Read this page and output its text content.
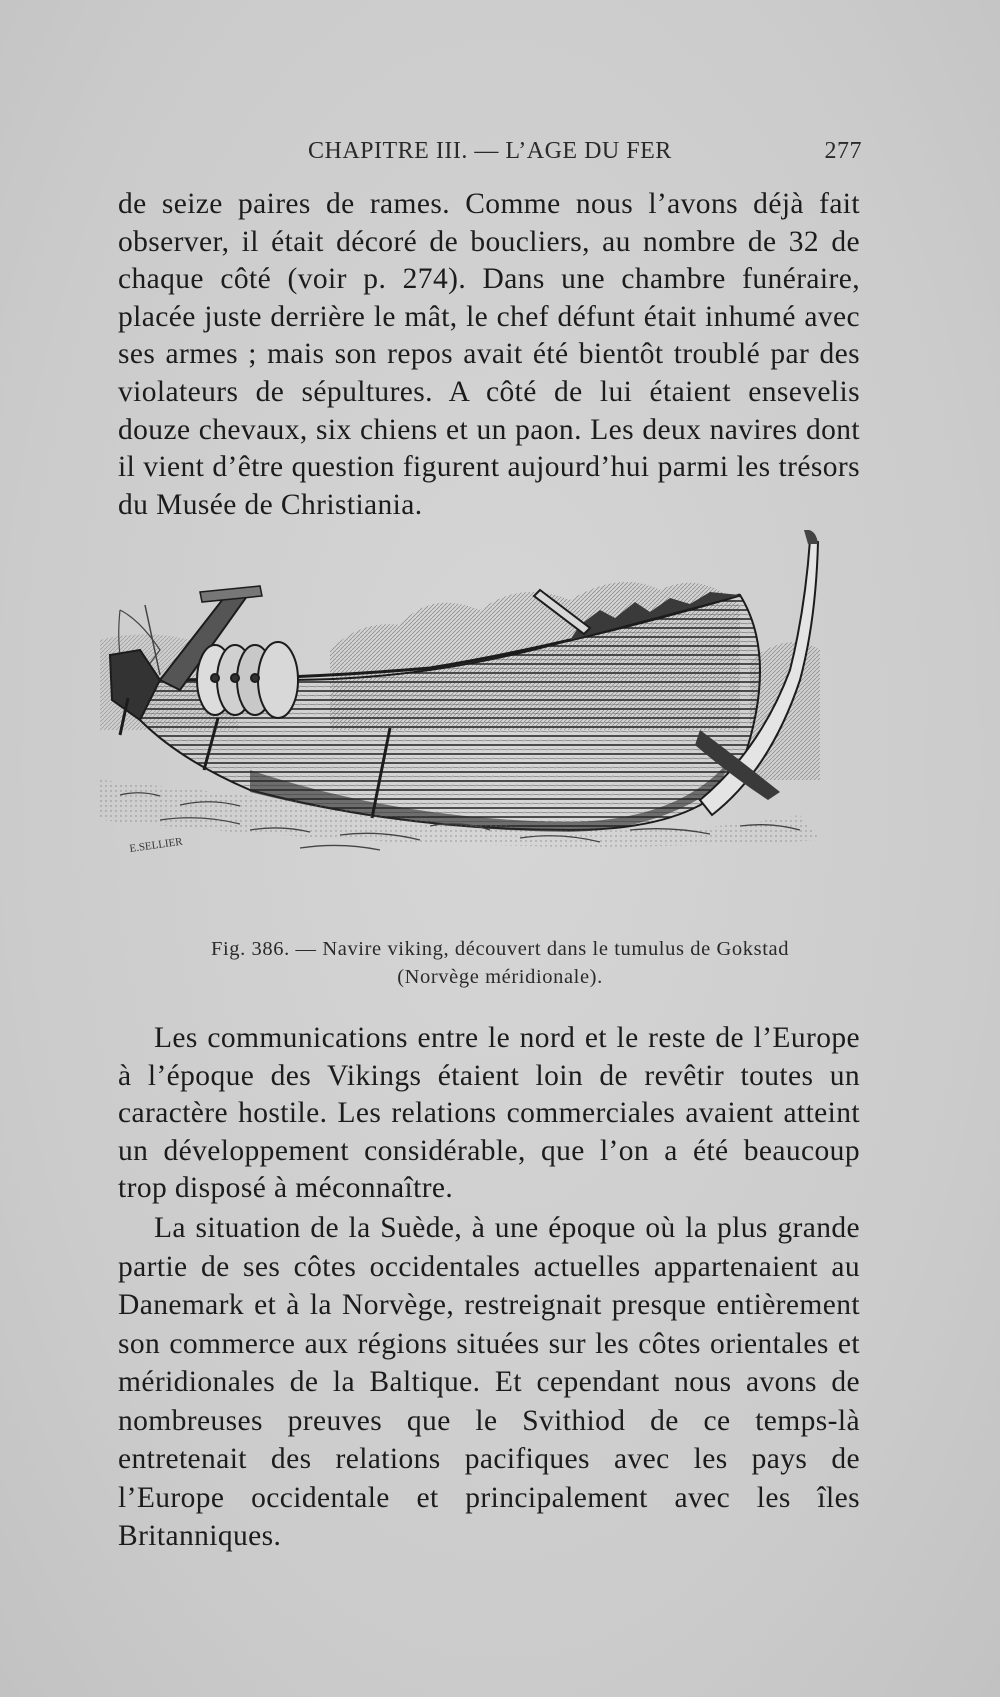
CHAPITRE III. — L’AGE DU FER	277

de seize paires de rames. Comme nous l’avons déjà fait observer, il était décoré de boucliers, au nombre de 32 de chaque côté (voir p. 274). Dans une chambre funéraire, placée juste derrière le mât, le chef défunt était inhumé avec ses armes ; mais son repos avait été bientôt troublé par des violateurs de sépultures. A côté de lui étaient ensevelis douze chevaux, six chiens et un paon. Les deux navires dont il vient d’être question figurent aujourd’hui parmi les trésors du Musée de Christiania.

E.SELLIER
Fig. 386. — Navire viking, découvert dans le tumulus de Gokstad
(Norvège méridionale).

Les communications entre le nord et le reste de l’Europe à l’époque des Vikings étaient loin de revêtir toutes un caractère hostile. Les relations commerciales avaient atteint un développement considérable, que l’on a été beaucoup trop disposé à méconnaître.

La situation de la Suède, à une époque où la plus grande partie de ses côtes occidentales actuelles appartenaient au Danemark et à la Norvège, restreignait presque entièrement son commerce aux régions situées sur les côtes orientales et méridionales de la Baltique. Et cependant nous avons de nombreuses preuves que le Svithiod de ce temps-là entretenait des relations pacifiques avec les pays de l’Europe occidentale et principalement avec les îles Britanniques.
